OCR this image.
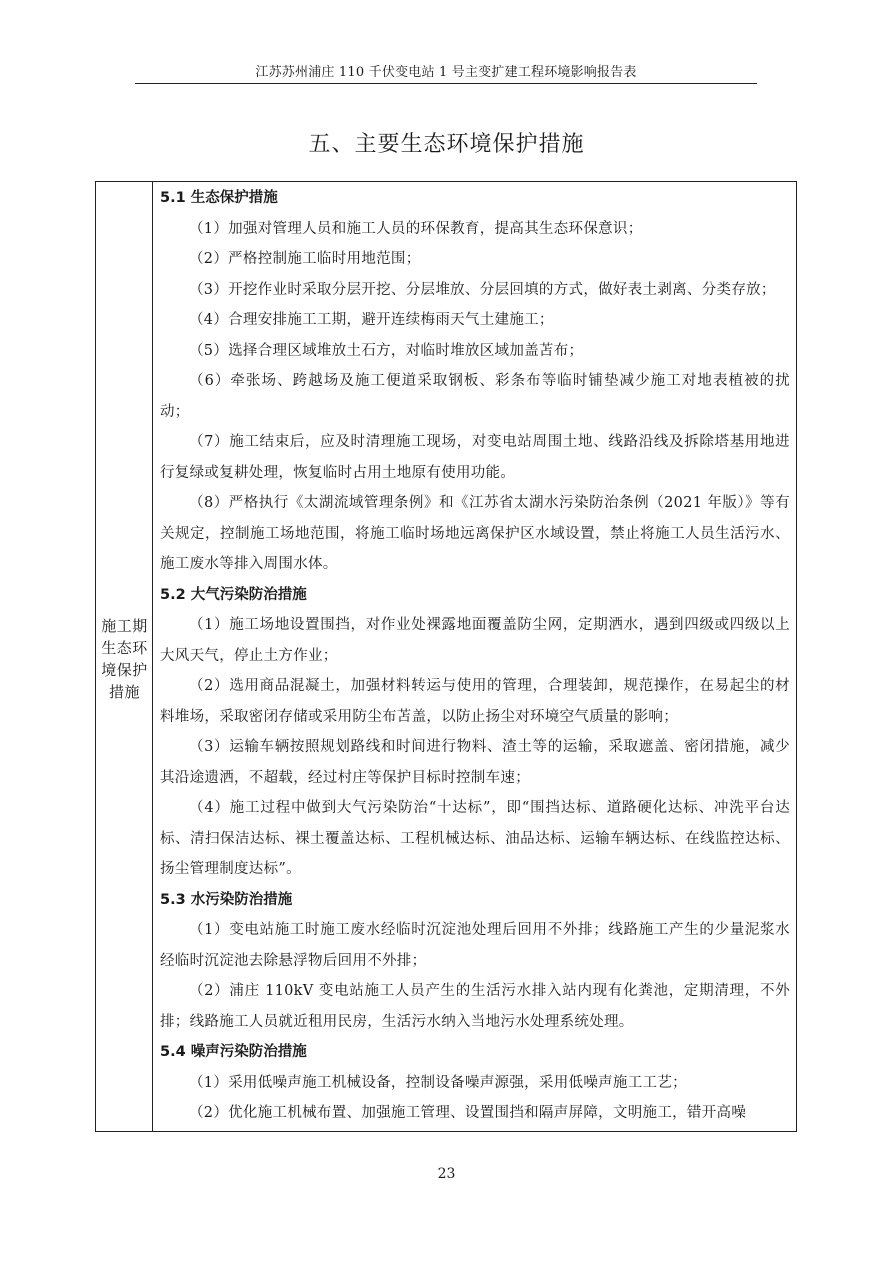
江苏苏州浦庄 110 千伏变电站 1 号主变扩建工程环境影响报告表
五、主要生态环境保护措施
施工期生态环境保护措施
5.1 生态保护措施

（1）加强对管理人员和施工人员的环保教育，提高其生态环保意识；

（2）严格控制施工临时用地范围；

（3）开挖作业时采取分层开挖、分层堆放、分层回填的方式，做好表土剥离、分类存放；

（4）合理安排施工工期，避开连续梅雨天气土建施工；

（5）选择合理区域堆放土石方，对临时堆放区域加盖苫布；

（6）牵张场、跨越场及施工便道采取钢板、彩条布等临时铺垫减少施工对地表植被的扰动；

（7）施工结束后，应及时清理施工现场，对变电站周围土地、线路沿线及拆除塔基用地进行复绿或复耕处理，恢复临时占用土地原有使用功能。

（8）严格执行《太湖流域管理条例》和《江苏省太湖水污染防治条例（2021 年版）》等有关规定，控制施工场地范围，将施工临时场地远离保护区水域设置，禁止将施工人员生活污水、施工废水等排入周围水体。

5.2 大气污染防治措施

（1）施工场地设置围挡，对作业处裸露地面覆盖防尘网，定期洒水，遇到四级或四级以上大风天气，停止土方作业；

（2）选用商品混凝土，加强材料转运与使用的管理，合理装卸，规范操作，在易起尘的材料堆场，采取密闭存储或采用防尘布苫盖，以防止扬尘对环境空气质量的影响；

（3）运输车辆按照规划路线和时间进行物料、渣土等的运输，采取遮盖、密闭措施，减少其沿途遗洒，不超载，经过村庄等保护目标时控制车速；

（4）施工过程中做到大气污染防治“十达标”，即“围挡达标、道路硬化达标、冲洗平台达标、清扫保洁达标、裸土覆盖达标、工程机械达标、油品达标、运输车辆达标、在线监控达标、扬尘管理制度达标”。

5.3 水污染防治措施

（1）变电站施工时施工废水经临时沉淀池处理后回用不外排；线路施工产生的少量泥浆水经临时沉淀池去除悬浮物后回用不外排；

（2）浦庄 110kV 变电站施工人员产生的生活污水排入站内现有化粪池，定期清理，不外排；线路施工人员就近租用民房，生活污水纳入当地污水处理系统处理。

5.4 噪声污染防治措施

（1）采用低噪声施工机械设备，控制设备噪声源强，采用低噪声施工工艺；

（2）优化施工机械布置、加强施工管理、设置围挡和隔声屏障，文明施工，错开高噪

23
